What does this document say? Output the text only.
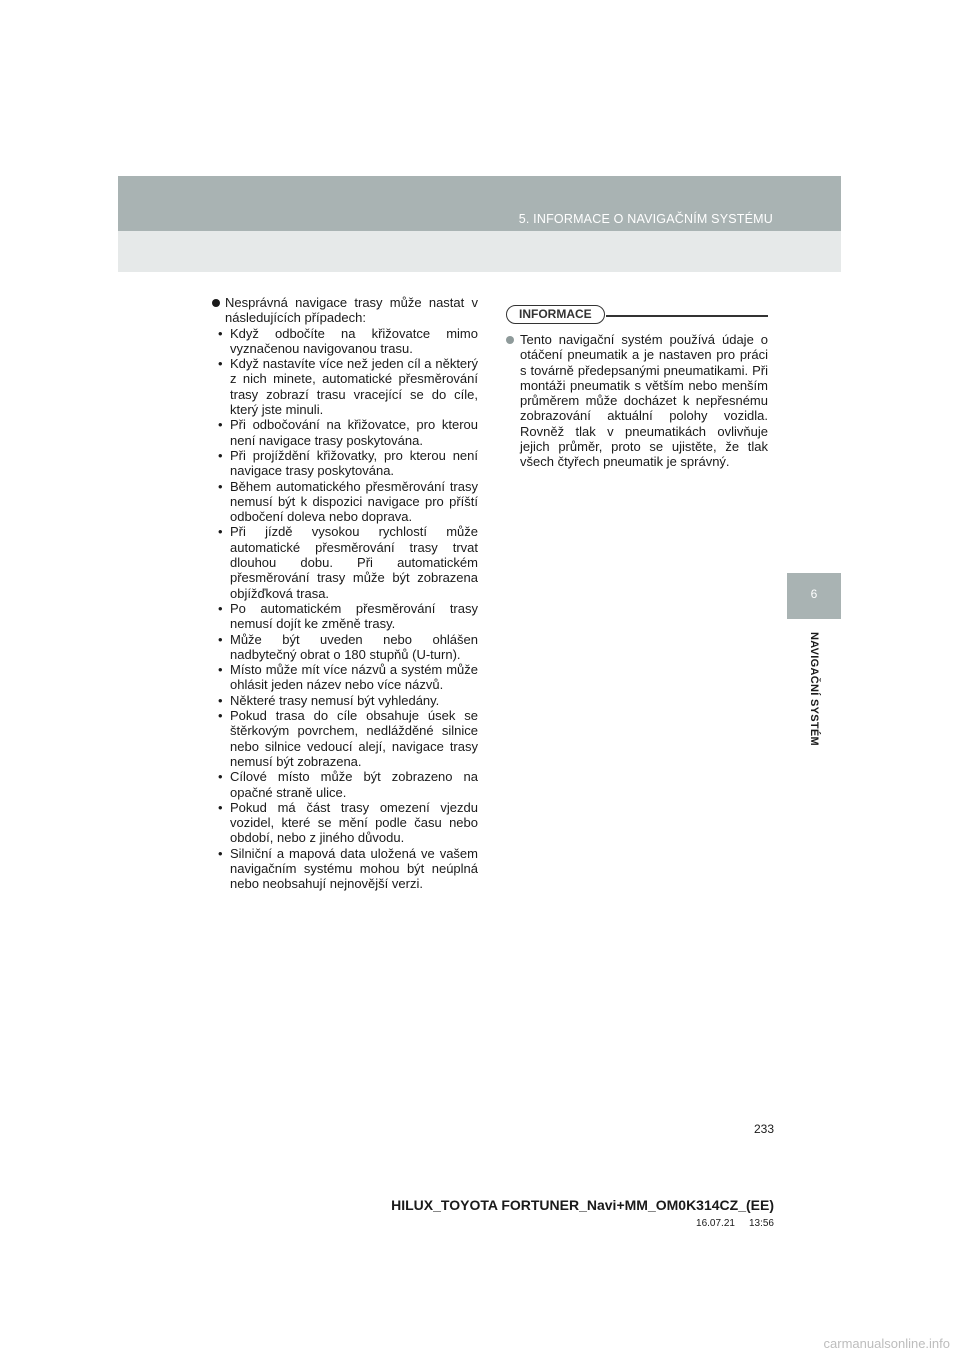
5. INFORMACE O NAVIGAČNÍM SYSTÉMU
6
NAVIGAČNÍ SYSTÉM
Nesprávná navigace trasy může nastat v následujících případech:
• Když odbočíte na křižovatce mimo vyznačenou navigovanou trasu.
• Když nastavíte více než jeden cíl a některý z nich minete, automatické přesměrování trasy zobrazí trasu vracející se do cíle, který jste minuli.
• Při odbočování na křižovatce, pro kterou není navigace trasy poskytována.
• Při projíždění křižovatky, pro kterou není navigace trasy poskytována.
• Během automatického přesměrování trasy nemusí být k dispozici navigace pro příští odbočení doleva nebo doprava.
• Při jízdě vysokou rychlostí může automatické přesměrování trasy trvat dlouhou dobu. Při automatickém přesměrování trasy může být zobrazena objížďková trasa.
• Po automatickém přesměrování trasy nemusí dojít ke změně trasy.
• Může být uveden nebo ohlášen nadbytečný obrat o 180 stupňů (U-turn).
• Místo může mít více názvů a systém může ohlásit jeden název nebo více názvů.
• Některé trasy nemusí být vyhledány.
• Pokud trasa do cíle obsahuje úsek se štěrkovým povrchem, nedlážděné silnice nebo silnice vedoucí alejí, navigace trasy nemusí být zobrazena.
• Cílové místo může být zobrazeno na opačné straně ulice.
• Pokud má část trasy omezení vjezdu vozidel, které se mění podle času nebo období, nebo z jiného důvodu.
• Silniční a mapová data uložená ve vašem navigačním systému mohou být neúplná nebo neobsahují nejnovější verzi.
INFORMACE
Tento navigační systém používá údaje o otáčení pneumatik a je nastaven pro práci s továrně předepsanými pneumatikami. Při montáži pneumatik s větším nebo menším průměrem může docházet k nepřesnému zobrazování aktuální polohy vozidla. Rovněž tlak v pneumatikách ovlivňuje jejich průměr, proto se ujistěte, že tlak všech čtyřech pneumatik je správný.
233
HILUX_TOYOTA FORTUNER_Navi+MM_OM0K314CZ_(EE)
16.07.21 13:56
carmanualsonline.info
